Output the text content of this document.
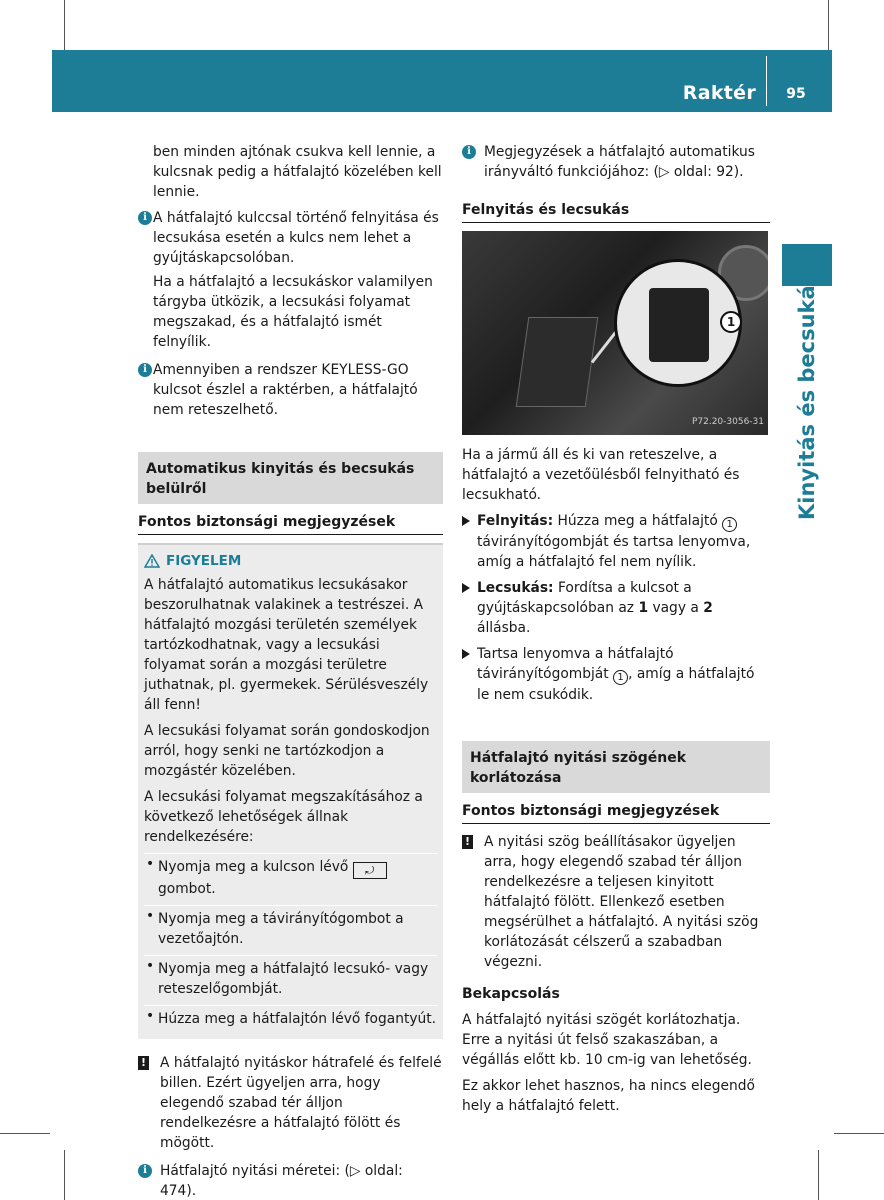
Raktér	95
Kinyitás és becsukás

ben minden ajtónak csukva kell lennie, a kulcsnak pedig a hátfalajtó közelében kell lennie.

i A hátfalajtó kulccsal történő felnyitása és lecsukása esetén a kulcs nem lehet a gyújtáskapcsolóban.

Ha a hátfalajtó a lecsukáskor valamilyen tárgyba ütközik, a lecsukási folyamat megszakad, és a hátfalajtó ismét felnyílik.

i Amennyiben a rendszer KEYLESS-GO kulcsot észlel a raktérben, a hátfalajtó nem reteszelhető.

Automatikus kinyitás és becsukás belülről
Fontos biztonsági megjegyzések
FIGYELEM

A hátfalajtó automatikus lecsukásakor beszorulhatnak valakinek a testrészei. A hátfalajtó mozgási területén személyek tartózkodhatnak, vagy a lecsukási folyamat során a mozgási területre juthatnak, pl. gyermekek. Sérülésveszély áll fenn!

A lecsukási folyamat során gondoskodjon arról, hogy senki ne tartózkodjon a mozgástér közelében.

A lecsukási folyamat megszakításához a következő lehetőségek állnak rendelkezésére:

• Nyomja meg a kulcson lévő ⤾ gombot.
• Nyomja meg a távirányítógombot a vezetőajtón.
• Nyomja meg a hátfalajtó lecsukó- vagy reteszelőgombját.
• Húzza meg a hátfalajtón lévő fogantyút.
! A hátfalajtó nyitáskor hátrafelé és felfelé billen. Ezért ügyeljen arra, hogy elegendő szabad tér álljon rendelkezésre a hátfalajtó fölött és mögött.

i Hátfalajtó nyitási méretei: (▷ oldal: 474).

i Megjegyzések a hátfalajtó automatikus irányváltó funkciójához: (▷ oldal: 92).

Felnyitás és lecsukás
1
P72.20-3056-31

Ha a jármű áll és ki van reteszelve, a hátfalajtó a vezetőülésből felnyitható és lecsukható.

Felnyitás: Húzza meg a hátfalajtó 1 távirányítógombját és tartsa lenyomva, amíg a hátfalajtó fel nem nyílik.
Lecsukás: Fordítsa a kulcsot a gyújtáskapcsolóban az 1 vagy a 2 állásba.
Tartsa lenyomva a hátfalajtó távirányítógombját 1 , amíg a hátfalajtó le nem csukódik.
Hátfalajtó nyitási szögének korlátozása
Fontos biztonsági megjegyzések
! A nyitási szög beállításakor ügyeljen arra, hogy elegendő szabad tér álljon rendelkezésre a teljesen kinyitott hátfalajtó fölött. Ellenkező esetben megsérülhet a hátfalajtó. A nyitási szög korlátozását célszerű a szabadban végezni.

Bekapcsolás

A hátfalajtó nyitási szögét korlátozhatja. Erre a nyitási út felső szakaszában, a végállás előtt kb. 10 cm-ig van lehetőség.

Ez akkor lehet hasznos, ha nincs elegendő hely a hátfalajtó felett.
